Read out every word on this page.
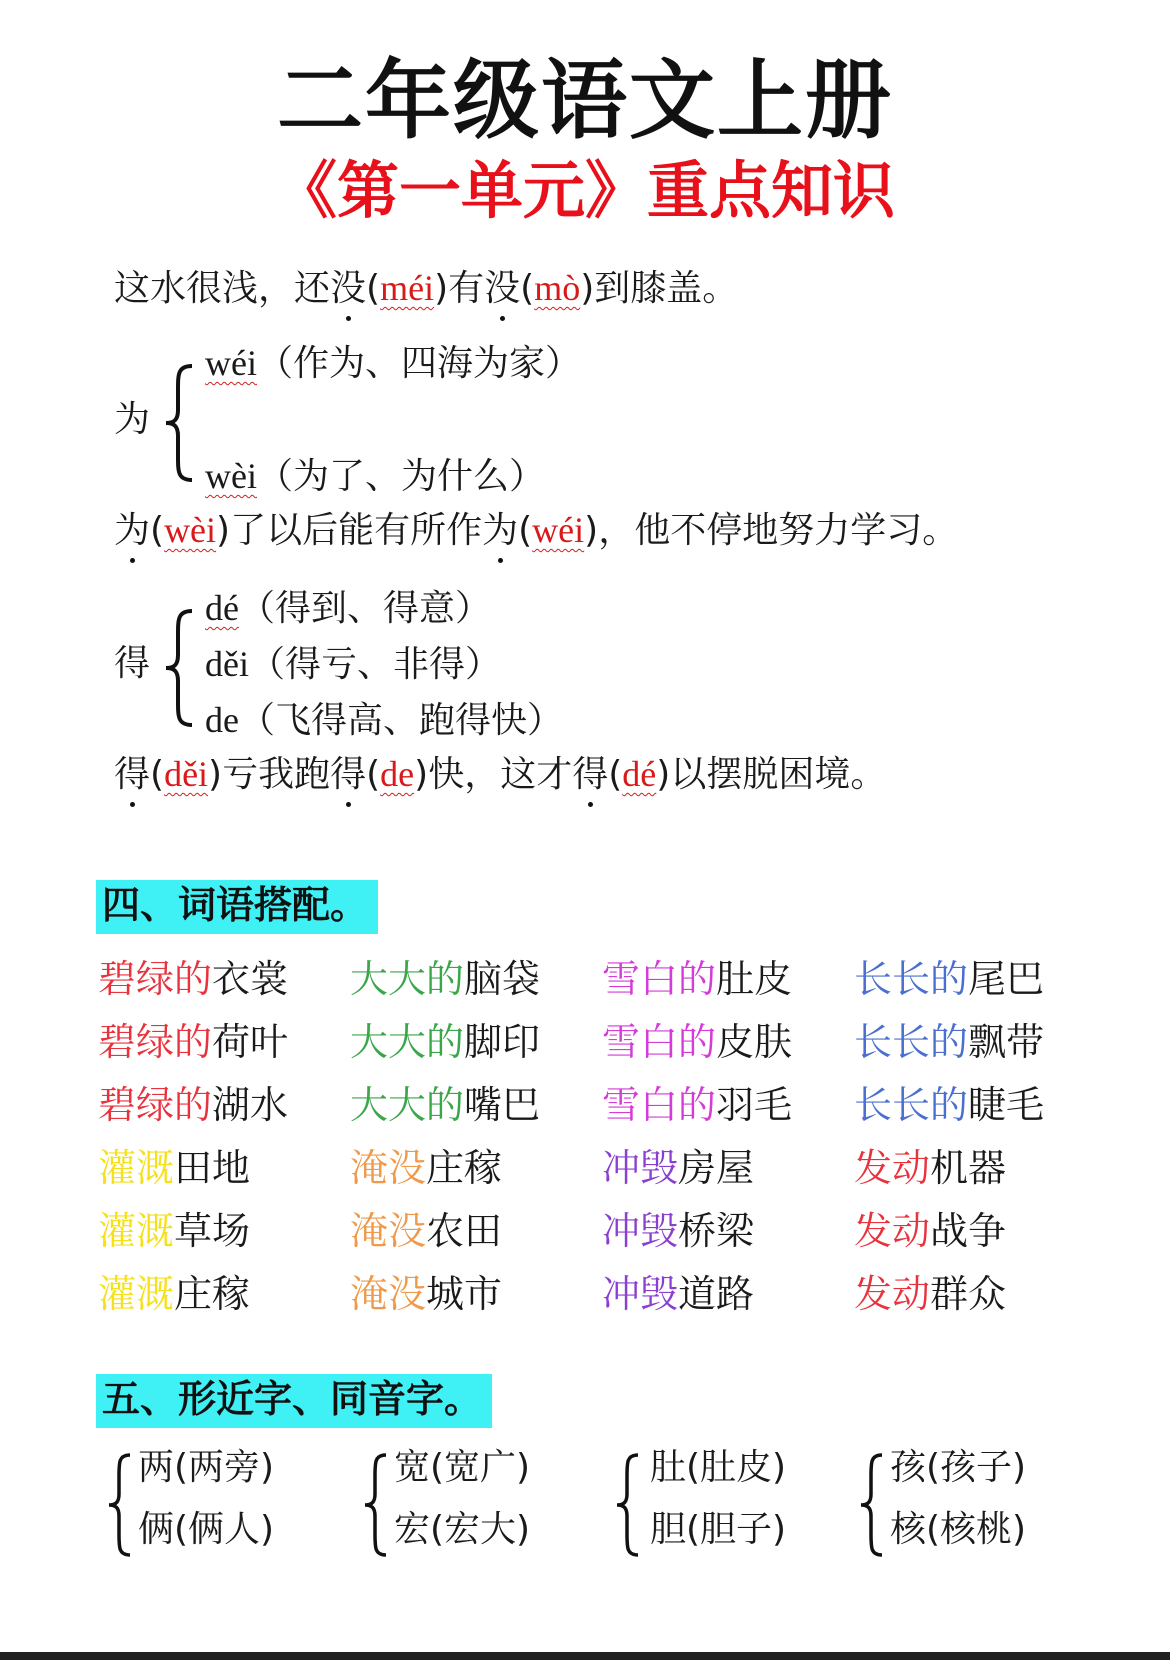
二年级语文上册
《第一单元》重点知识
这水很浅，还没(méi)有没(mò)到膝盖。
为
wéi（作为、四海为家）
wèi（为了、为什么）
为(wèi)了以后能有所作为(wéi)，他不停地努力学习。
得
dé（得到、得意）
děi（得亏、非得）
de（飞得高、跑得快）
得(děi)亏我跑得(de)快，这才得(dé)以摆脱困境。
四、词语搭配。
碧绿的衣裳
碧绿的荷叶
碧绿的湖水
灌溉田地
灌溉草场
灌溉庄稼
大大的脑袋
大大的脚印
大大的嘴巴
淹没庄稼
淹没农田
淹没城市
雪白的肚皮
雪白的皮肤
雪白的羽毛
冲毁房屋
冲毁桥梁
冲毁道路
长长的尾巴
长长的飘带
长长的睫毛
发动机器
发动战争
发动群众
五、形近字、同音字。
两(两旁)
俩(俩人)
宽(宽广)
宏(宏大)
肚(肚皮)
胆(胆子)
孩(孩子)
核(核桃)
